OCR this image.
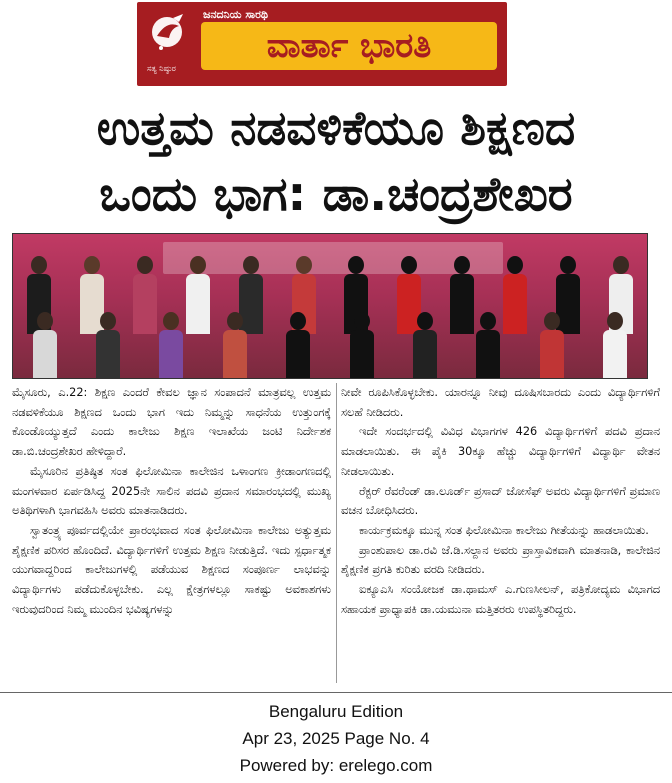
ಜನದನಿಯ ಸಾರಥಿ
ವಾರ್ತಾ ಭಾರತಿ
ಸತ್ಯ ನಿಷ್ಠುರ
ಉತ್ತಮ ನಡವಳಿಕೆಯೂ ಶಿಕ್ಷಣದ
ಒಂದು ಭಾಗ: ಡಾ.ಚಂದ್ರಶೇಖರ

ಮೈಸೂರು, ಎ.22: ಶಿಕ್ಷಣ ಎಂದರೆ ಕೇವಲ ಜ್ಞಾನ ಸಂಪಾದನೆ ಮಾತ್ರವಲ್ಲ ಉತ್ತಮ ನಡವಳಿಕೆಯೂ ಶಿಕ್ಷಣದ ಒಂದು ಭಾಗ ಇದು ನಿಮ್ಮನ್ನು ಸಾಧನೆಯ ಉತ್ತುಂಗಕ್ಕೆ ಕೊಂಡೊಯ್ಯುತ್ತದೆ ಎಂದು ಕಾಲೇಜು ಶಿಕ್ಷಣ ಇಲಾಖೆಯ ಜಂಟಿ ನಿರ್ದೇಶಕ ಡಾ.ಬಿ.ಚಂದ್ರಶೇಖರ ಹೇಳಿದ್ದಾರೆ.

ಮೈಸೂರಿನ ಪ್ರತಿಷ್ಠಿತ ಸಂತ ಫಿಲೋಮಿನಾ ಕಾಲೇಜಿನ ಒಳಾಂಗಣ ಕ್ರೀಡಾಂಗಣದಲ್ಲಿ ಮಂಗಳವಾರ ಏರ್ಪಡಿಸಿದ್ದ 2025ನೇ ಸಾಲಿನ ಪದವಿ ಪ್ರದಾನ ಸಮಾರಂಭದಲ್ಲಿ ಮುಖ್ಯ ಅತಿಥಿಗಳಾಗಿ ಭಾಗವಹಿಸಿ ಅವರು ಮಾತನಾಡಿದರು.

ಸ್ವಾತಂತ್ರ್ಯ ಪೂರ್ವದಲ್ಲಿಯೇ ಪ್ರಾರಂಭವಾದ ಸಂತ ಫಿಲೋಮಿನಾ ಕಾಲೇಜು ಅತ್ಯುತ್ತಮ ಶೈಕ್ಷಣಿಕ ಪರಿಸರ ಹೊಂದಿದೆ. ವಿದ್ಯಾರ್ಥಿಗಳಿಗೆ ಉತ್ತಮ ಶಿಕ್ಷಣ ನೀಡುತ್ತಿದೆ. ಇದು ಸ್ಪರ್ಧಾತ್ಮಕ ಯುಗವಾದ್ದರಿಂದ ಕಾಲೇಜುಗಳಲ್ಲಿ ಪಡೆಯುವ ಶಿಕ್ಷಣದ ಸಂಪೂರ್ಣ ಲಾಭವನ್ನು ವಿದ್ಯಾರ್ಥಿಗಳು ಪಡೆದುಕೊಳ್ಳಬೇಕು. ಎಲ್ಲ ಕ್ಷೇತ್ರಗಳಲ್ಲೂ ಸಾಕಷ್ಟು ಅವಕಾಶಗಳು ಇರುವುದರಿಂದ ನಿಮ್ಮ ಮುಂದಿನ ಭವಿಷ್ಯಗಳನ್ನು

ನೀವೇ ರೂಪಿಸಿಕೊಳ್ಳಬೇಕು. ಯಾರನ್ನೂ ನೀವು ದೂಷಿಸಬಾರದು ಎಂದು ವಿದ್ಯಾರ್ಥಿಗಳಿಗೆ ಸಲಹೆ ನೀಡಿದರು.

ಇದೇ ಸಂದರ್ಭದಲ್ಲಿ ವಿವಿಧ ವಿಭಾಗಗಳ 426 ವಿದ್ಯಾರ್ಥಿಗಳಿಗೆ ಪದವಿ ಪ್ರದಾನ ಮಾಡಲಾಯಿತು. ಈ ಪೈಕಿ 30ಕ್ಕೂ ಹೆಚ್ಚು ವಿದ್ಯಾರ್ಥಿಗಳಿಗೆ ವಿದ್ಯಾರ್ಥಿ ವೇತನ ನೀಡಲಾಯಿತು.

ರೆಕ್ಟರ್ ರೆವರೆಂಡ್ ಡಾ.ಲೂರ್ಡ್ ಪ್ರಸಾದ್ ಜೋಸೆಫ್ ಅವರು ವಿದ್ಯಾರ್ಥಿಗಳಿಗೆ ಪ್ರಮಾಣ ವಚನ ಬೋಧಿಸಿದರು.

ಕಾರ್ಯಕ್ರಮಕ್ಕೂ ಮುನ್ನ ಸಂತ ಫಿಲೋಮಿನಾ ಕಾಲೇಜು ಗೀತೆಯನ್ನು ಹಾಡಲಾಯಿತು.

ಪ್ರಾಂಶುಪಾಲ ಡಾ.ರವಿ ಜೆ.ಡಿ.ಸಲ್ದಾನ ಅವರು ಪ್ರಾಸ್ತಾವಿಕವಾಗಿ ಮಾತನಾಡಿ, ಕಾಲೇಜಿನ ಶೈಕ್ಷಣಿಕ ಪ್ರಗತಿ ಕುರಿತು ವರದಿ ನೀಡಿದರು.

ಐಕ್ಯೂಎಸಿ ಸಂಯೋಜಕ ಡಾ.ಥಾಮಸ್ ಎ.ಗುಣಸೀಲನ್, ಪತ್ರಿಕೋದ್ಯಮ ವಿಭಾಗದ ಸಹಾಯಕ ಪ್ರಾಧ್ಯಾಪಕಿ ಡಾ.ಯಮುನಾ ಮತ್ತಿತರರು ಉಪಸ್ಥಿತರಿದ್ದರು.

Bengaluru Edition
Apr 23, 2025 Page No. 4
Powered by: erelego.com
